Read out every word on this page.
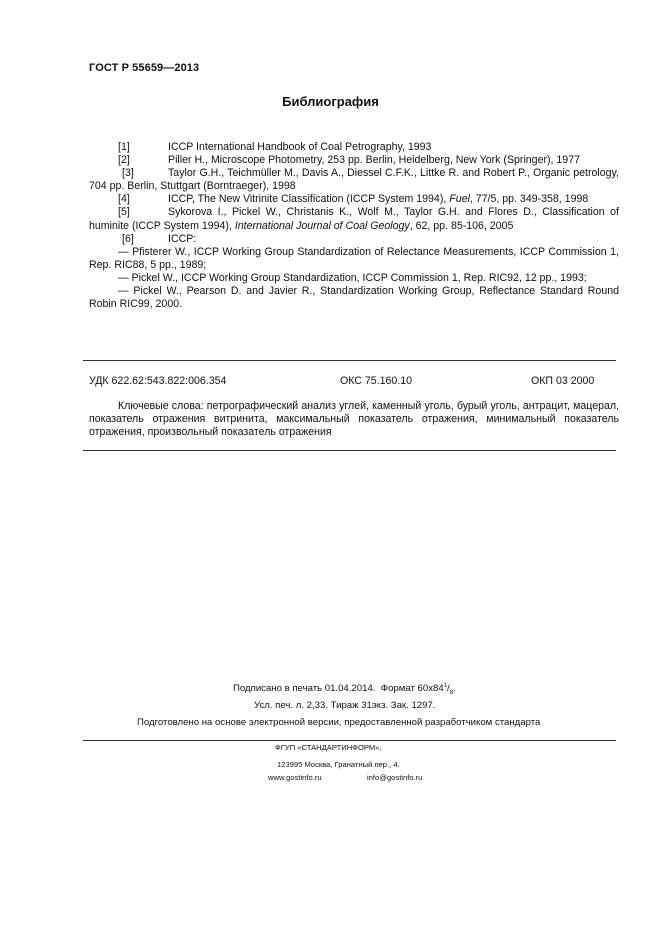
ГОСТ Р 55659—2013
Библиография

[1]	ICCP International Handbook of Coal Petrography, 1993

[2]	Piller H., Microscope Photometry, 253 pp. Berlin, Heidelberg, New York (Springer), 1977

[3]	Taylor G.H., Teichmüller M., Davis A., Diessel C.F.K., Littke R. and Robert P., Organic petrology, 704 pp. Berlin, Stuttgart (Borntraeger), 1998

[4]	ICCP, The New Vitrinite Classification (ICCP System 1994), Fuel, 77/5, pp. 349-358, 1998

[5]	Sykorova I., Pickel W., Christanis K., Wolf M., Taylor G.H. and Flores D., Classification of huminite (ICCP System 1994), International Journal of Coal Geology, 62, pp. 85-106, 2005

[6]	ICCP:

— Pfisterer W., ICCP Working Group Standardization of Relectance Measurements, ICCP Commission 1, Rep. RIC88, 5 pp., 1989;

— Pickel W., ICCP Working Group Standardization, ICCP Commission 1, Rep. RIC92, 12 pp., 1993;

— Pickel W., Pearson D. and Javier R., Standardization Working Group, Reflectance Standard Round Robin RIC99, 2000.

УДК 622.62:543.822:006.354	ОКС 75.160.10	ОКП 03 2000

Ключевые слова: петрографический анализ углей, каменный уголь, бурый уголь, антрацит, мацерал, показатель отражения витринита, максимальный показатель отражения, минимальный показатель отражения, произвольный показатель отражения

Подписано в печать 01.04.2014. Формат $60x84^1/_8$.
Усл. печ. л. 2,33. Тираж 31экз. Зак. 1297.
Подготовлено на основе электронной версии, предоставленной разработчиком стандарта
ФГУП «СТАНДАРТИНФОРМ»,
123995 Москва, Гранатный пер., 4.
www.gostinfo.ru	info@gostinfo.ru
